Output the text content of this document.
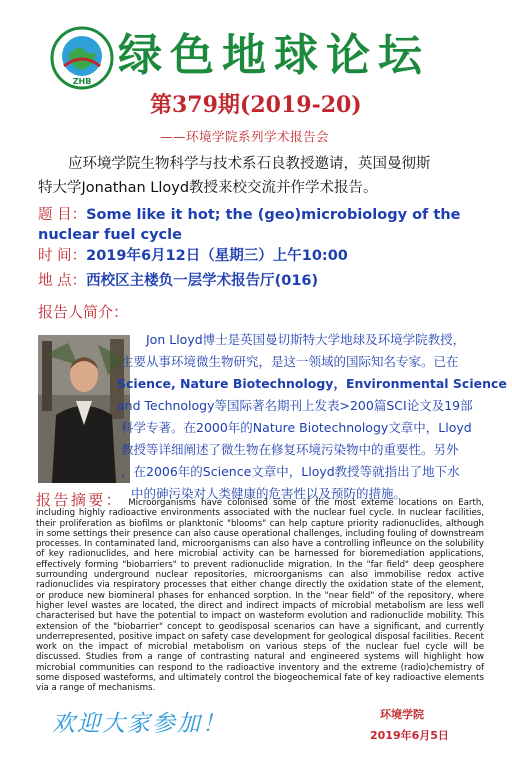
ZHB
绿色地球论坛
第379期(2019-20)
——环境学院系列学术报告会
应环境学院生物科学与技术系石良教授邀请，英国曼彻斯
特大学Jonathan Lloyd教授来校交流并作学术报告。
题 目：Some like it hot; the (geo)microbiology of the nuclear fuel cycle
时 间：2019年6月12日（星期三）上午10:00
地 点：西校区主楼负一层学术报告厅(016)
报告人简介：
Jon Lloyd博士是英国曼切斯特大学地球及环境学院教授，
主要从事环境微生物研究，是这一领域的国际知名专家。已在
Science, Nature Biotechnology，Environmental Science
and Technology等国际著名期刊上发表>200篇SCI论文及19部
科学专著。在2000年的Nature Biotechnology文章中，Lloyd
教授等详细阐述了微生物在修复环境污染物中的重要性。另外
，在2006年的Science文章中，Lloyd教授等就指出了地下水
中的砷污染对人类健康的危害性以及预防的措施。
报告摘要： Microorganisms have colonised some of the most exteme locations on Earth, including highly radioactive environments associated with the nuclear fuel cycle. In nuclear facilities, their proliferation as biofilms or planktonic "blooms" can help capture priority radionuclides, although in some settings their presence can also cause operational challenges, including fouling of downstream processes. In contaminated land, microorganisms can also have a controlling infleunce on the solubility of key radionuclides, and here microbial activity can be harnessed for bioremediation applications, effectively forming "biobarriers" to prevent radionuclide migration. In the "far field" deep geosphere surrounding underground nuclear repositories, microorganisms can also immobilise redox active radionuclides via respiratory processes that either change directly the oxidation state of the element, or produce new biomineral phases for enhanced sorption. In the "near field" of the repository, where higher level wastes are located, the direct and indirect impacts of microbial metabolism are less well characterised but have the potential to impact on wasteform evolution and radionuclide mobility. This extension of the "biobarrier" concept to geodisposal scenarios can have a significant, and currently underrepresented, positive impact on safety case development for geological disposal facilities. Recent work on the impact of microbial metabolism on various steps of the nuclear fuel cycle will be discussed. Studies from a range of contrasting natural and engineered systems will highlight how microbial communities can respond to the radioactive inventory and the extreme (radio)chemistry of some disposed wasteforms, and ultimately control the biogeochemical fate of key radioactive elements via a range of mechanisms.
欢迎大家参加！	环境学院
2019年6月5日
